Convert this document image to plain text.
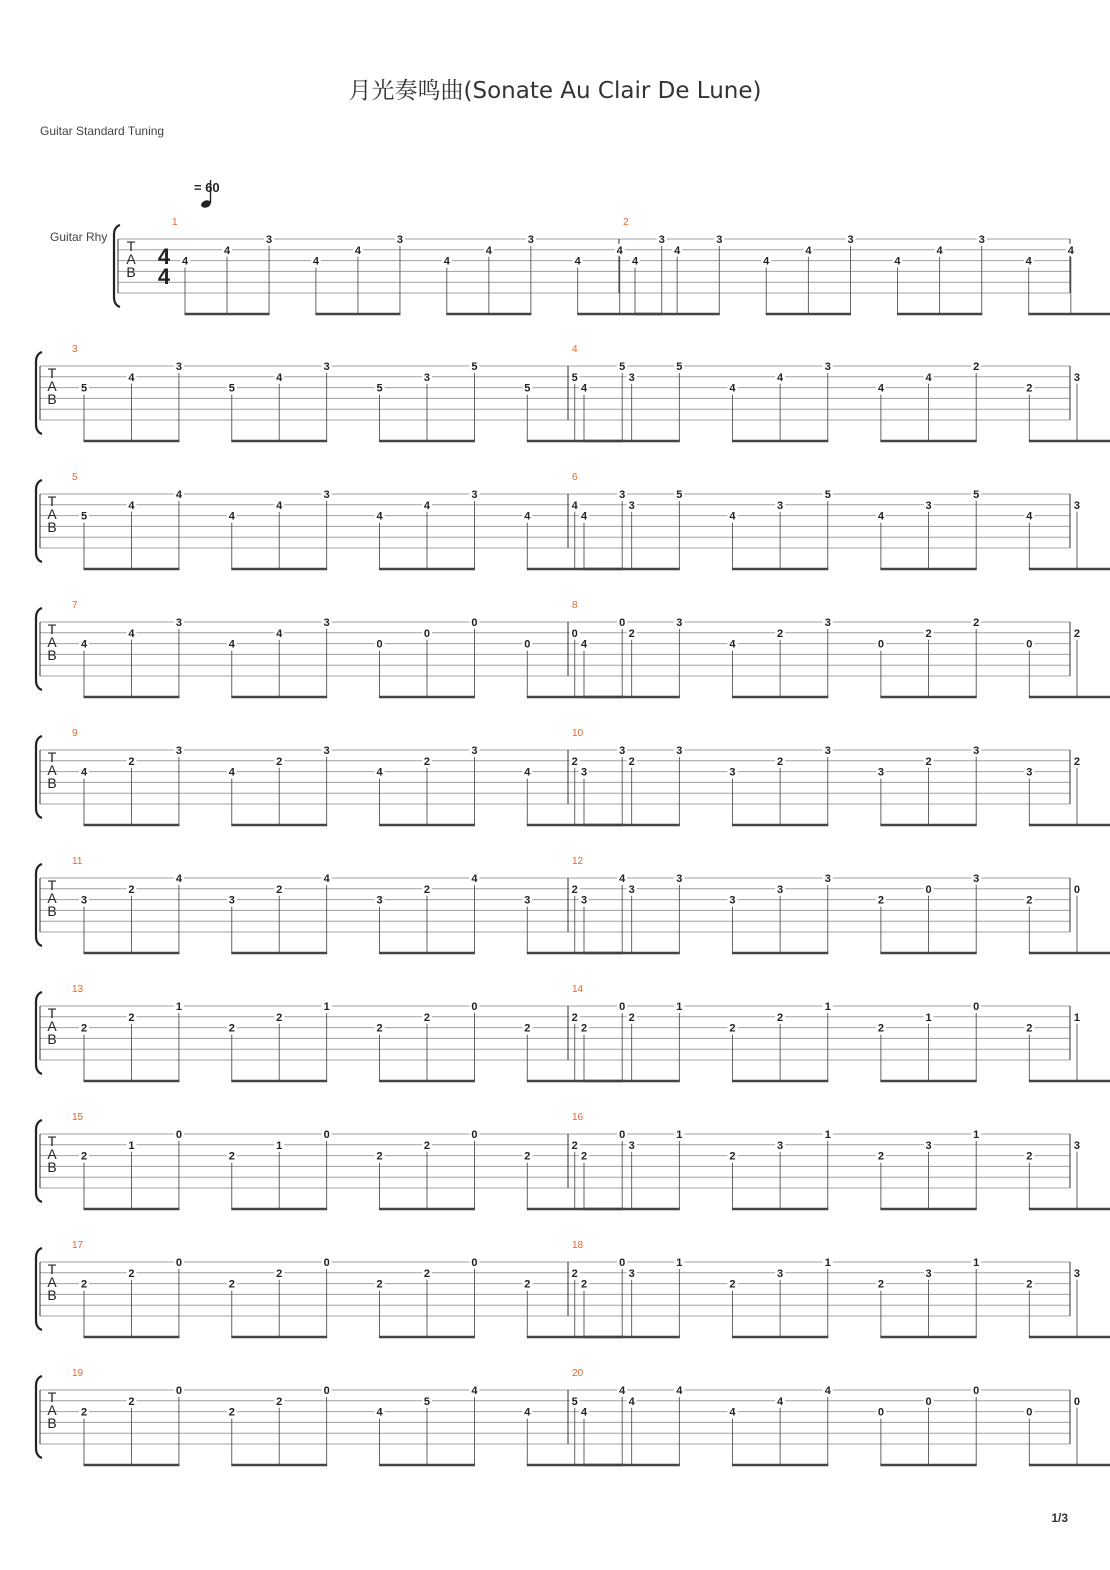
月光奏鸣曲(Sonate Au Clair De Lune)
Guitar Standard Tuning
= 60
T
A
B
Guitar Rhy
4
4
1
4
4
3
4
4
3
4
4
3
4
4
3
2
4
4
3
4
4
3
4
4
3
4
4
T
A
B
3
5
4
3
5
4
3
5
3
5
5
5
5
4
4
3
5
4
4
3
4
4
2
2
3
T
A
B
5
5
4
4
4
4
3
4
4
3
4
4
3
6
4
3
5
4
3
5
4
3
5
4
3
T
A
B
7
4
4
3
4
4
3
0
0
0
0
0
0
8
4
2
3
4
2
3
0
2
2
0
2
T
A
B
9
4
2
3
4
2
3
4
2
3
4
2
3
10
3
2
3
3
2
3
3
2
3
3
2
T
A
B
11
3
2
4
3
2
4
3
2
4
3
2
4
12
3
3
3
3
3
3
2
0
3
2
0
T
A
B
13
2
2
1
2
2
1
2
2
0
2
2
0
14
2
2
1
2
2
1
2
1
0
2
1
T
A
B
15
2
1
0
2
1
0
2
2
0
2
2
0
16
2
3
1
2
3
1
2
3
1
2
3
T
A
B
17
2
2
0
2
2
0
2
2
0
2
2
0
18
2
3
1
2
3
1
2
3
1
2
3
T
A
B
19
2
2
0
2
2
0
4
5
4
4
5
4
20
4
4
4
4
4
4
0
0
0
0
0
1/3
